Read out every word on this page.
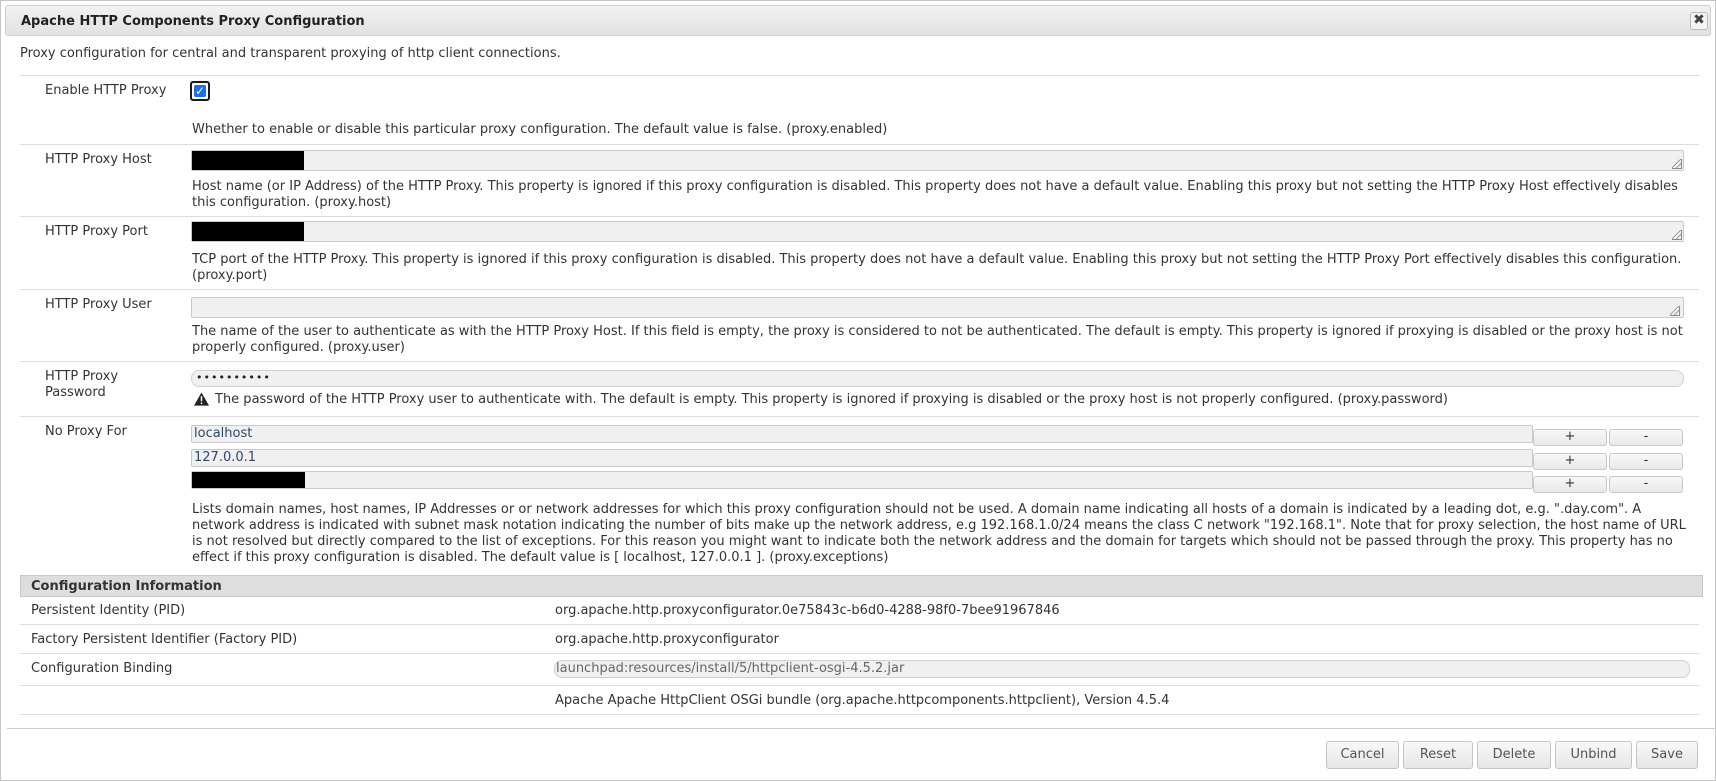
Apache HTTP Components Proxy Configuration	✖
Proxy configuration for central and transparent proxying of http client connections.
Enable HTTP Proxy ✓
Whether to enable or disable this particular proxy configuration. The default value is false. (proxy.enabled)
HTTP Proxy Host
Host name (or IP Address) of the HTTP Proxy. This property is ignored if this proxy configuration is disabled. This property does not have a default value. Enabling this proxy but not setting the HTTP Proxy Host effectively disables this configuration. (proxy.host)
HTTP Proxy Port
TCP port of the HTTP Proxy. This property is ignored if this proxy configuration is disabled. This property does not have a default value. Enabling this proxy but not setting the HTTP Proxy Port effectively disables this configuration. (proxy.port)
HTTP Proxy User
The name of the user to authenticate as with the HTTP Proxy Host. If this field is empty, the proxy is considered to not be authenticated. The default is empty. This property is ignored if proxying is disabled or the proxy host is not properly configured. (proxy.user)
HTTP Proxy
Password
••••••••••
The password of the HTTP Proxy user to authenticate with. The default is empty. This property is ignored if proxying is disabled or the proxy host is not properly configured. (proxy.password)
No Proxy For	localhost	+	-
127.0.0.1	+	-
+	-
Lists domain names, host names, IP Addresses or or network addresses for which this proxy configuration should not be used. A domain name indicating all hosts of a domain is indicated by a leading dot, e.g. ".day.com". A network address is indicated with subnet mask notation indicating the number of bits make up the network address, e.g 192.168.1.0/24 means the class C network "192.168.1". Note that for proxy selection, the host name of URL is not resolved but directly compared to the list of exceptions. For this reason you might want to indicate both the network address and the domain for targets which should not be passed through the proxy. This property has no effect if this proxy configuration is disabled. The default value is [ localhost, 127.0.0.1 ]. (proxy.exceptions)
Configuration Information
Persistent Identity (PID)	org.apache.http.proxyconfigurator.0e75843c-b6d0-4288-98f0-7bee91967846
Factory Persistent Identifier (Factory PID)	org.apache.http.proxyconfigurator
Configuration Binding	launchpad:resources/install/5/httpclient-osgi-4.5.2.jar
Apache Apache HttpClient OSGi bundle (org.apache.httpcomponents.httpclient), Version 4.5.4
Cancel	Reset	Delete	Unbind	Save
